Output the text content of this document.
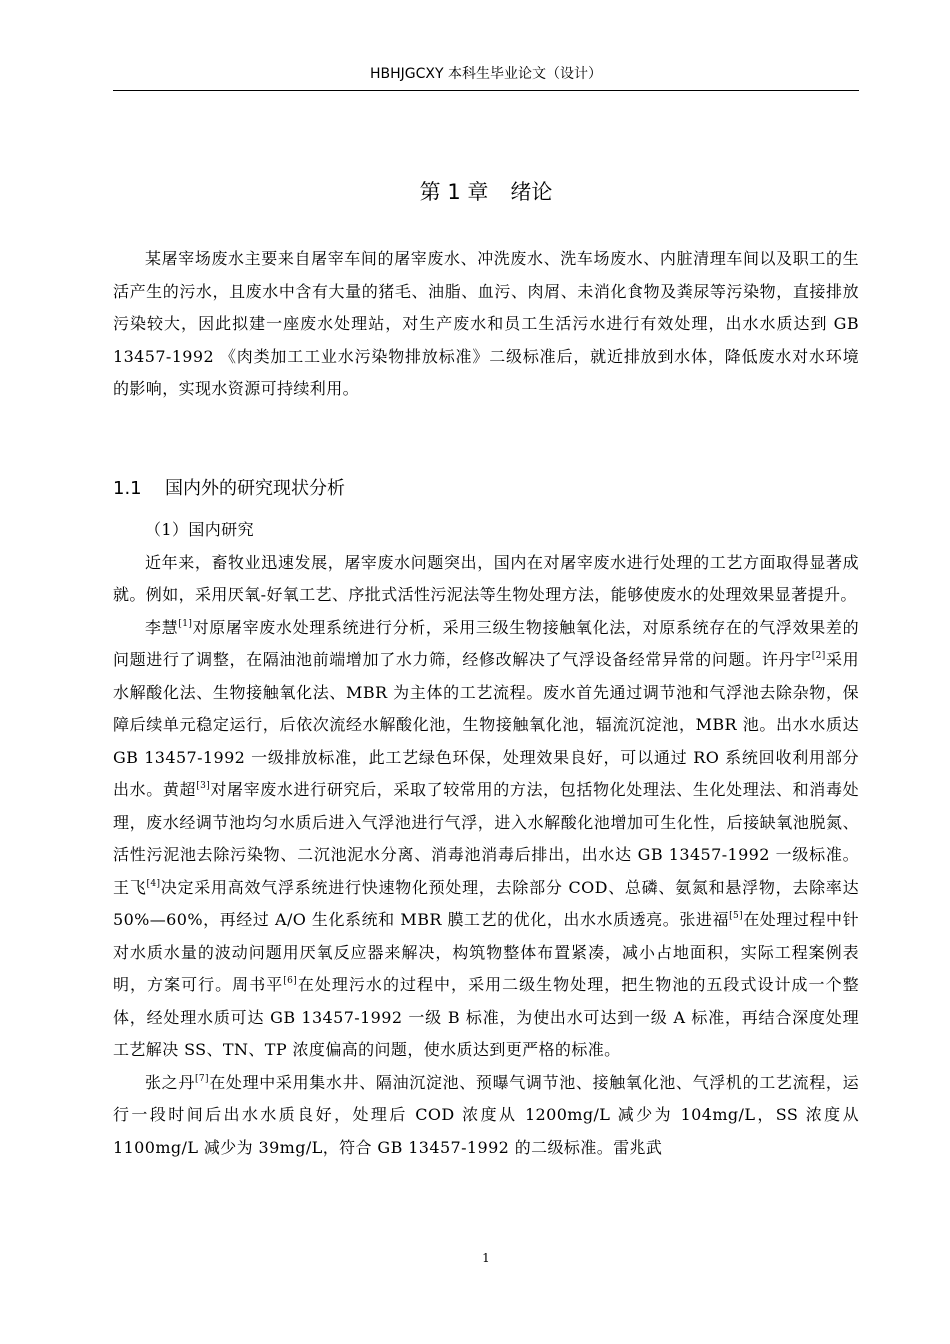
HBHJGCXY 本科生毕业论文（设计）
第 1 章 绪论

某屠宰场废水主要来自屠宰车间的屠宰废水、冲洗废水、洗车场废水、内脏清理车间以及职工的生活产生的污水，且废水中含有大量的猪毛、油脂、血污、肉屑、未消化食物及粪尿等污染物，直接排放污染较大，因此拟建一座废水处理站，对生产废水和员工生活污水进行有效处理，出水水质达到 GB 13457-1992 《肉类加工工业水污染物排放标准》二级标准后，就近排放到水体，降低废水对水环境的影响，实现水资源可持续利用。

1.1 国内外的研究现状分析

（1）国内研究

近年来，畜牧业迅速发展，屠宰废水问题突出，国内在对屠宰废水进行处理的工艺方面取得显著成就。例如，采用厌氧-好氧工艺、序批式活性污泥法等生物处理方法，能够使废水的处理效果显著提升。

李慧[1]对原屠宰废水处理系统进行分析，采用三级生物接触氧化法，对原系统存在的气浮效果差的问题进行了调整，在隔油池前端增加了水力筛，经修改解决了气浮设备经常异常的问题。许丹宇[2]采用水解酸化法、生物接触氧化法、MBR 为主体的工艺流程。废水首先通过调节池和气浮池去除杂物，保障后续单元稳定运行，后依次流经水解酸化池，生物接触氧化池，辐流沉淀池，MBR 池。出水水质达 GB 13457-1992 一级排放标准，此工艺绿色环保，处理效果良好，可以通过 RO 系统回收利用部分出水。黄超[3]对屠宰废水进行研究后，采取了较常用的方法，包括物化处理法、生化处理法、和消毒处理，废水经调节池均匀水质后进入气浮池进行气浮，进入水解酸化池增加可生化性，后接缺氧池脱氮、活性污泥池去除污染物、二沉池泥水分离、消毒池消毒后排出，出水达 GB 13457-1992 一级标准。王飞[4]决定采用高效气浮系统进行快速物化预处理，去除部分 COD、总磷、氨氮和悬浮物，去除率达 50%—60%，再经过 A/O 生化系统和 MBR 膜工艺的优化，出水水质透亮。张进福[5]在处理过程中针对水质水量的波动问题用厌氧反应器来解决，构筑物整体布置紧凑，减小占地面积，实际工程案例表明，方案可行。周书平[6]在处理污水的过程中，采用二级生物处理，把生物池的五段式设计成一个整体，经处理水质可达 GB 13457-1992 一级 B 标准，为使出水可达到一级 A 标准，再结合深度处理工艺解决 SS、TN、TP 浓度偏高的问题，使水质达到更严格的标准。

张之丹[7]在处理中采用集水井、隔油沉淀池、预曝气调节池、接触氧化池、气浮机的工艺流程，运行一段时间后出水水质良好，处理后 COD 浓度从 1200mg/L 减少为 104mg/L，SS 浓度从 1100mg/L 减少为 39mg/L，符合 GB 13457-1992 的二级标准。雷兆武

1
